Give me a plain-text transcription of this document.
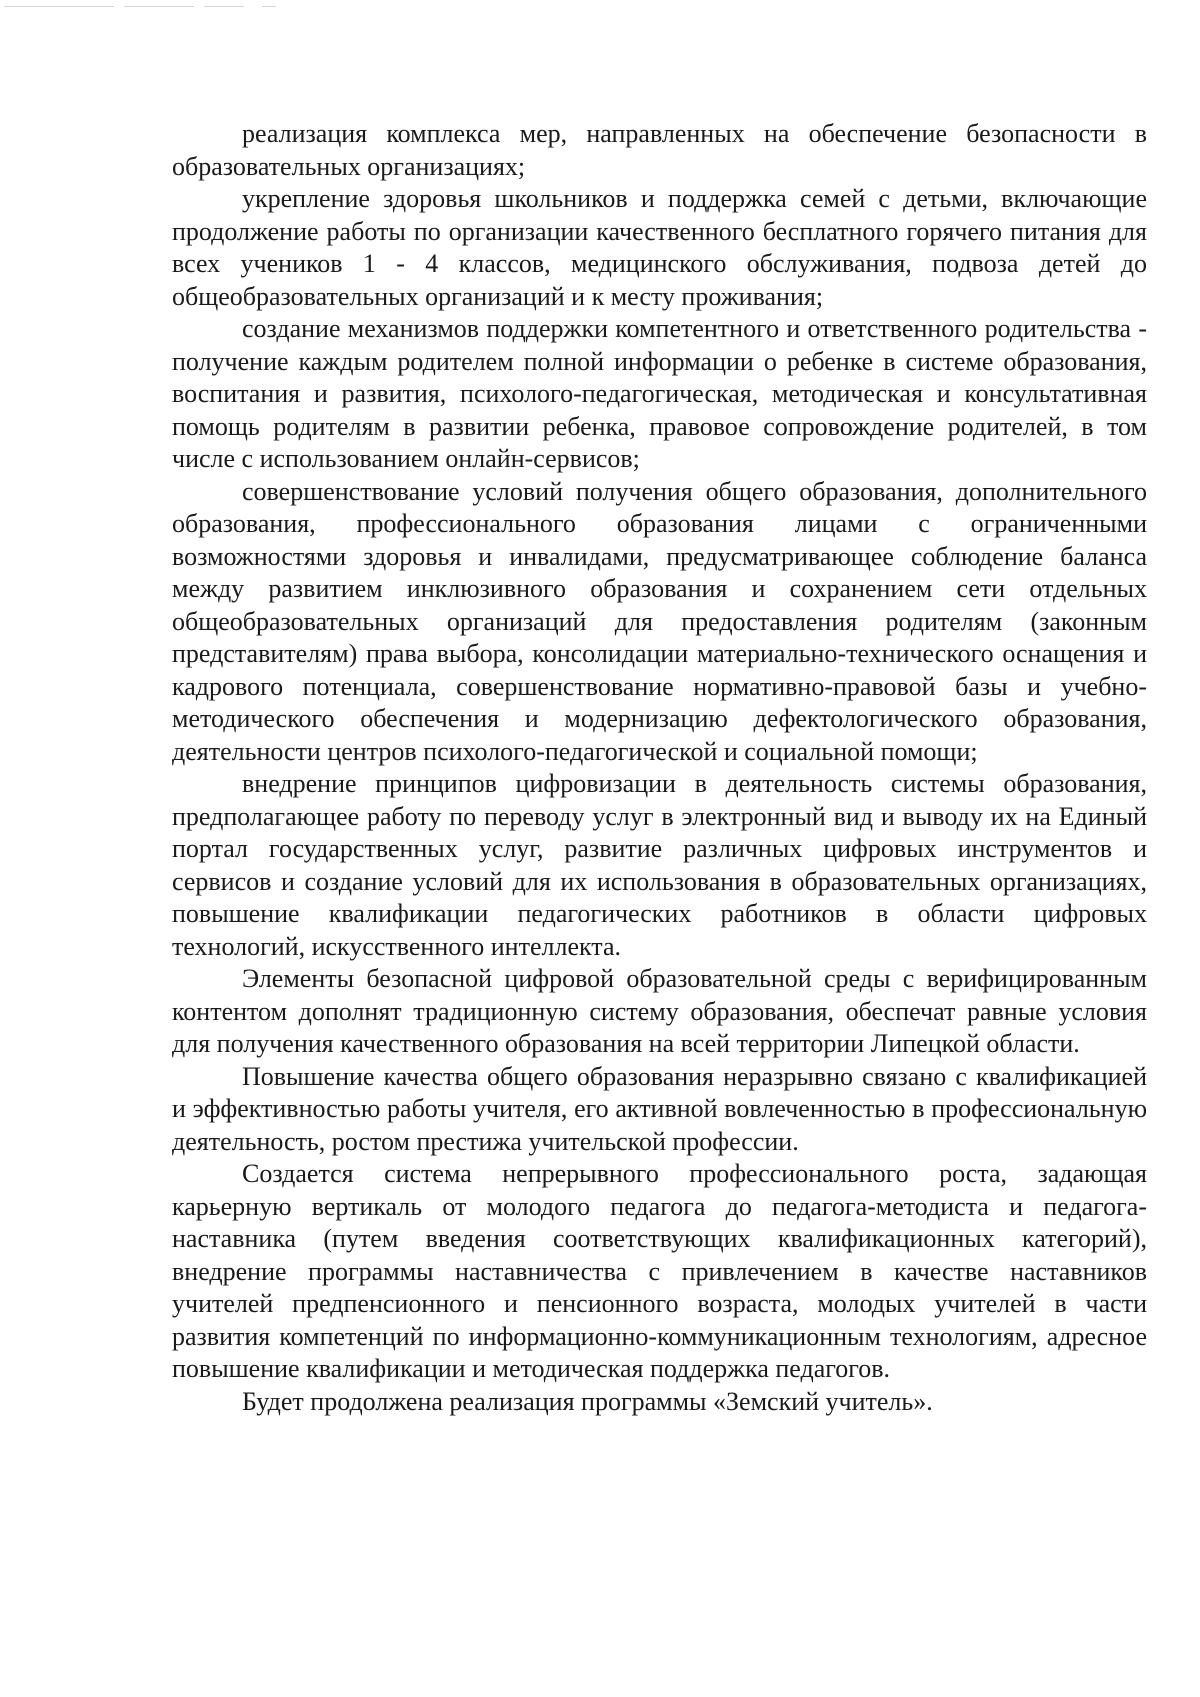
реализация комплекса мер, направленных на обеспечение безопасности в образовательных организациях;

укрепление здоровья школьников и поддержка семей с детьми, включающие продолжение работы по организации качественного бесплатного горячего питания для всех учеников 1 - 4 классов, медицинского обслуживания, подвоза детей до общеобразовательных организаций и к месту проживания;

создание механизмов поддержки компетентного и ответственного родительства - получение каждым родителем полной информации о ребенке в системе образования, воспитания и развития, психолого-педагогическая, методическая и консультативная помощь родителям в развитии ребенка, правовое сопровождение родителей, в том числе с использованием онлайн-сервисов;

совершенствование условий получения общего образования, дополнительного образования, профессионального образования лицами с ограниченными возможностями здоровья и инвалидами, предусматривающее соблюдение баланса между развитием инклюзивного образования и сохранением сети отдельных общеобразовательных организаций для предоставления родителям (законным представителям) права выбора, консолидации материально-технического оснащения и кадрового потенциала, совершенствование нормативно-правовой базы и учебно-методического обеспечения и модернизацию дефектологического образования, деятельности центров психолого-педагогической и социальной помощи;

внедрение принципов цифровизации в деятельность системы образования, предполагающее работу по переводу услуг в электронный вид и выводу их на Единый портал государственных услуг, развитие различных цифровых инструментов и сервисов и создание условий для их использования в образовательных организациях, повышение квалификации педагогических работников в области цифровых технологий, искусственного интеллекта.

Элементы безопасной цифровой образовательной среды с верифицированным контентом дополнят традиционную систему образования, обеспечат равные условия для получения качественного образования на всей территории Липецкой области.

Повышение качества общего образования неразрывно связано с квалификацией и эффективностью работы учителя, его активной вовлеченностью в профессиональную деятельность, ростом престижа учительской профессии.

Создается система непрерывного профессионального роста, задающая карьерную вертикаль от молодого педагога до педагога-методиста и педагога-наставника (путем введения соответствующих квалификационных категорий), внедрение программы наставничества с привлечением в качестве наставников учителей предпенсионного и пенсионного возраста, молодых учителей в части развития компетенций по информационно-коммуникационным технологиям, адресное повышение квалификации и методическая поддержка педагогов.

Будет продолжена реализация программы «Земский учитель».
